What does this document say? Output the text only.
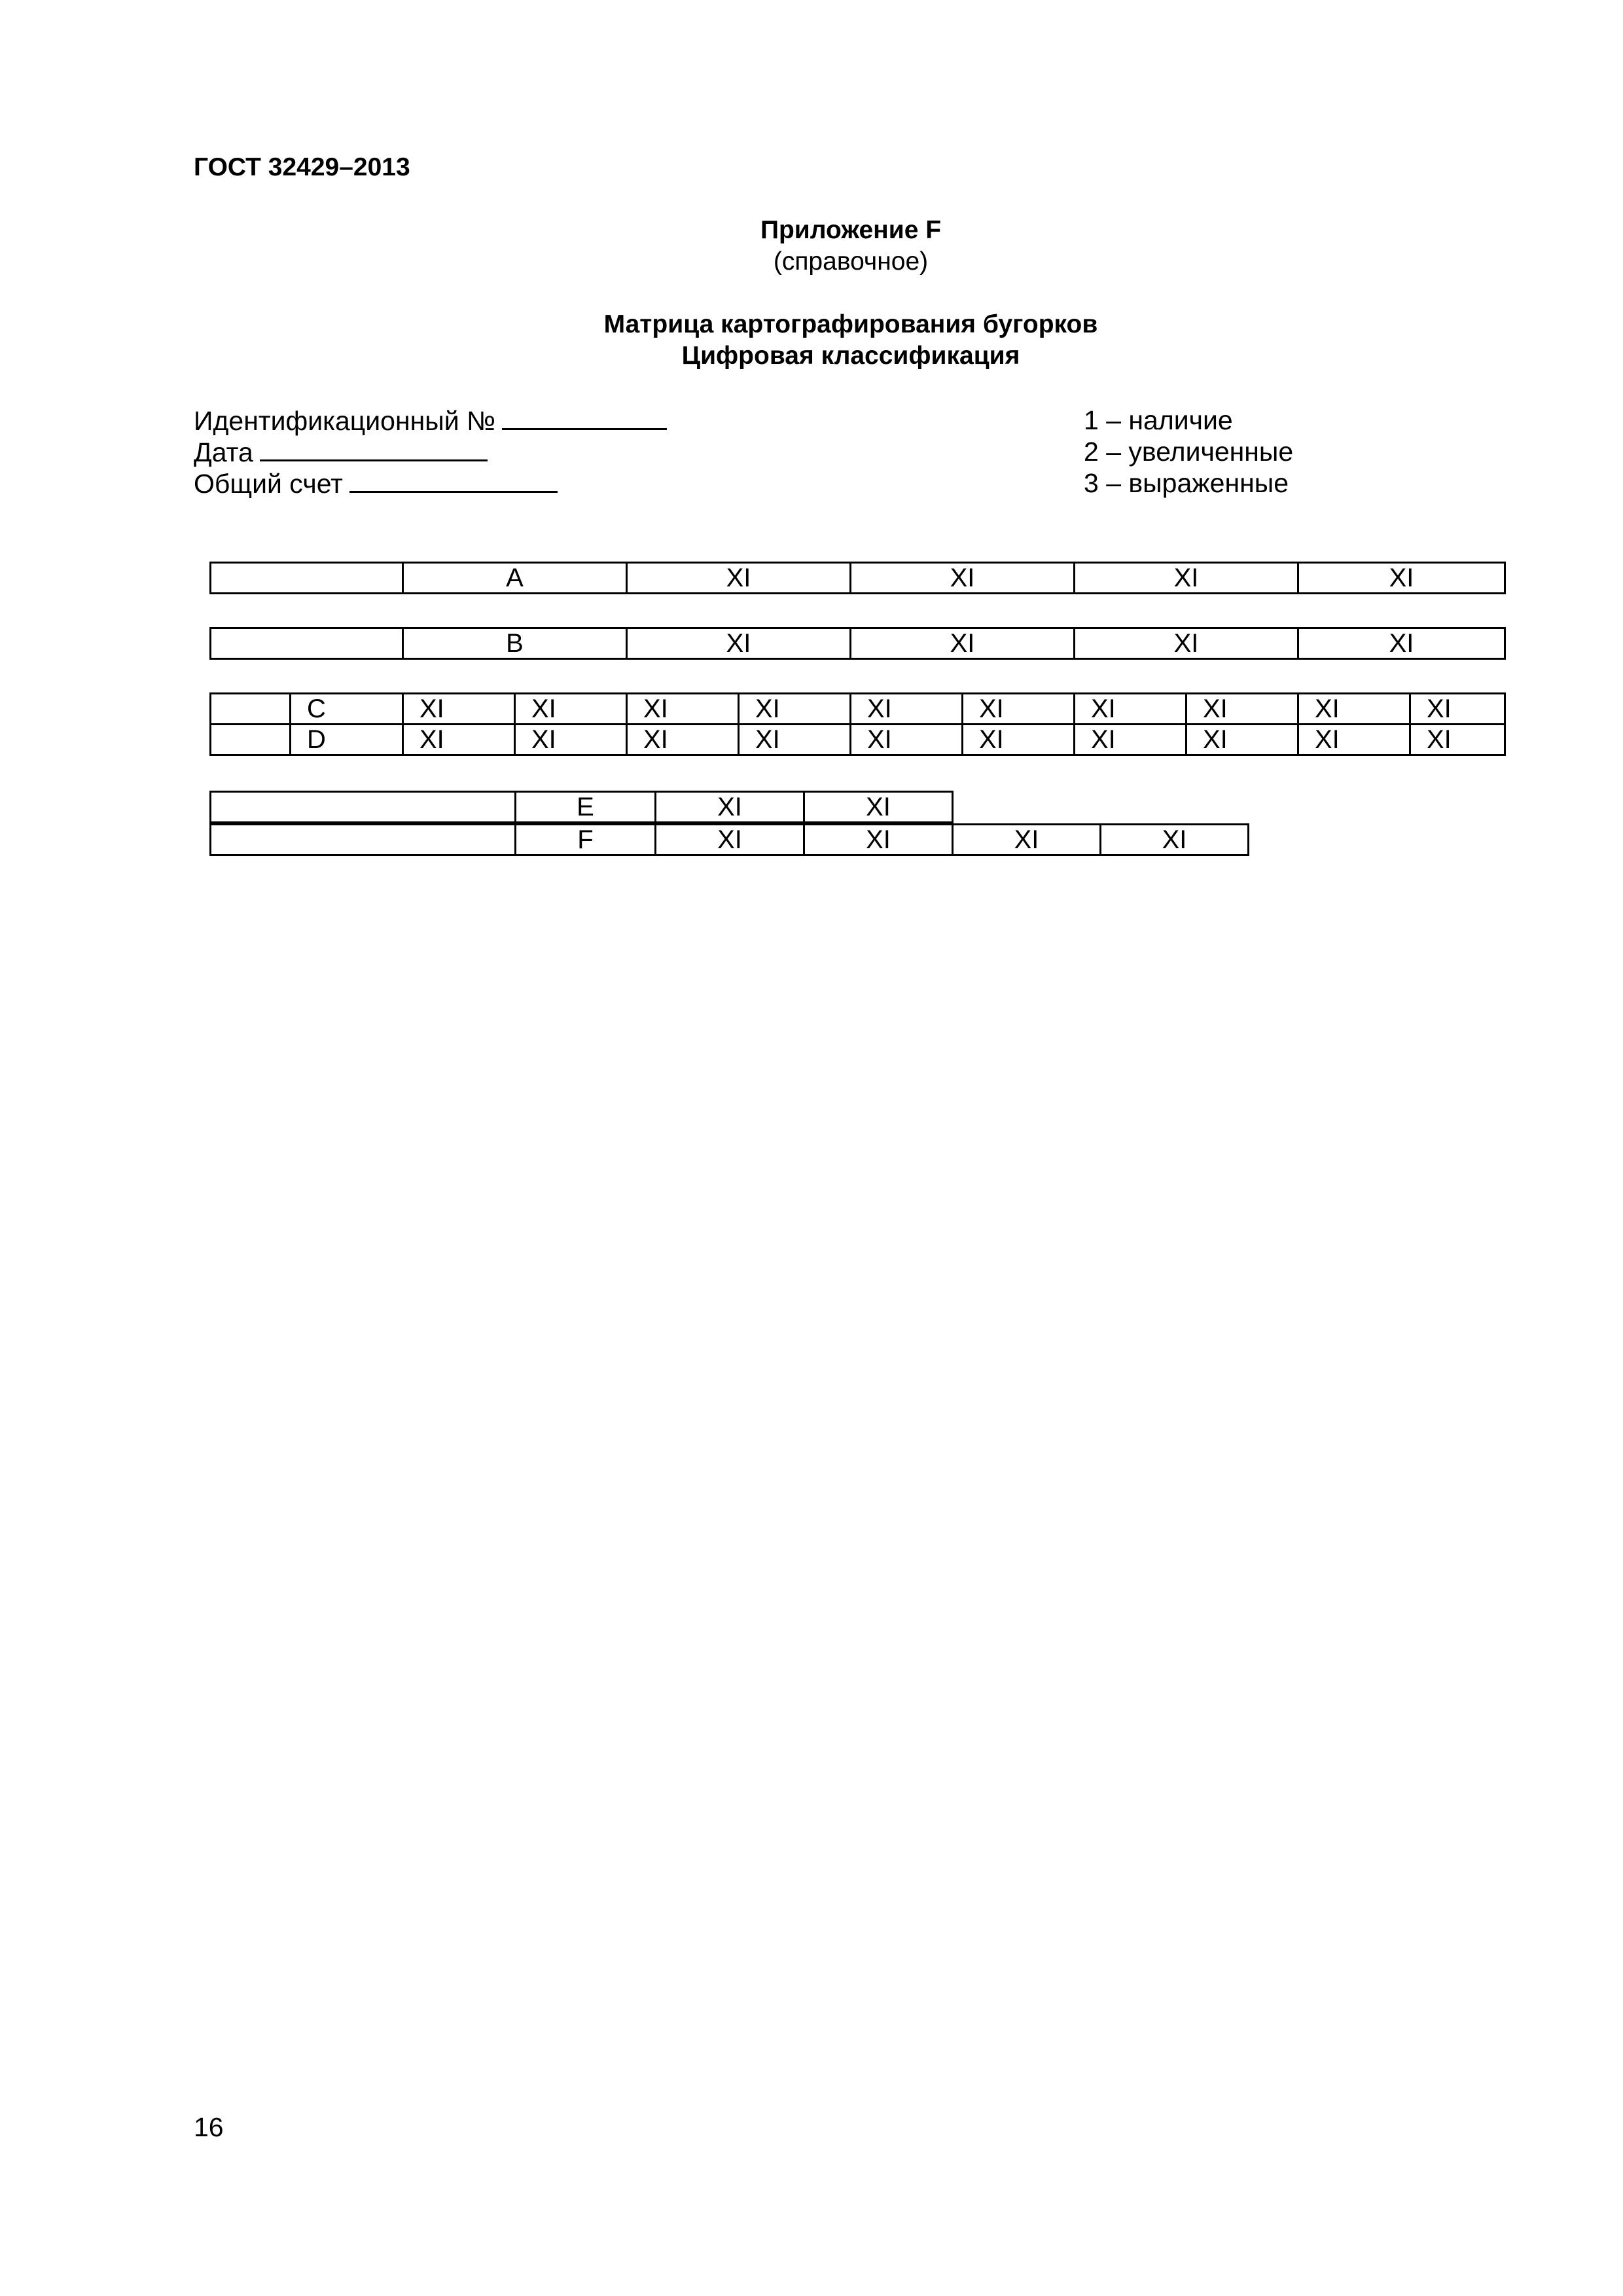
ГОСТ 32429–2013
Приложение F
(справочное)
Матрица картографирования бугорков
Цифровая классификация
Идентификационный №
Дата
Общий счет
1 – наличие
2 – увеличенные
3 – выраженные
	A	XI	XI	XI	XI
	B	XI	XI	XI	XI
	C	XI	XI	XI	XI	XI	XI	XI	XI	XI	XI
	D	XI	XI	XI	XI	XI	XI	XI	XI	XI	XI
	E	XI	XI
	F	XI	XI	XI	XI
16
